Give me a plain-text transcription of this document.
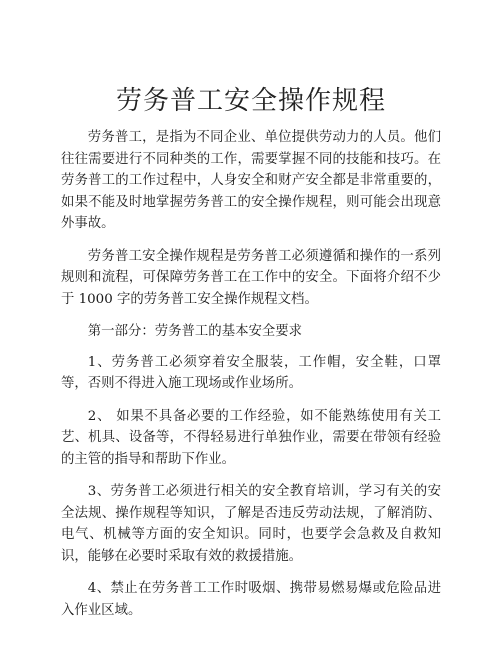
劳务普工安全操作规程

劳务普工，是指为不同企业、单位提供劳动力的人员。他们往往需要进行不同种类的工作，需要掌握不同的技能和技巧。在劳务普工的工作过程中，人身安全和财产安全都是非常重要的，如果不能及时地掌握劳务普工的安全操作规程，则可能会出现意外事故。

劳务普工安全操作规程是劳务普工必须遵循和操作的一系列规则和流程，可保障劳务普工在工作中的安全。下面将介绍不少于 1000 字的劳务普工安全操作规程文档。

第一部分：劳务普工的基本安全要求

1、劳务普工必须穿着安全服装，工作帽，安全鞋，口罩等，否则不得进入施工现场或作业场所。

2、 如果不具备必要的工作经验，如不能熟练使用有关工艺、机具、设备等，不得轻易进行单独作业，需要在带领有经验的主管的指导和帮助下作业。

3、劳务普工必须进行相关的安全教育培训，学习有关的安全法规、操作规程等知识，了解是否违反劳动法规，了解消防、电气、机械等方面的安全知识。同时，也要学会急救及自救知识，能够在必要时采取有效的救援措施。

4、禁止在劳务普工工作时吸烟、携带易燃易爆或危险品进入作业区域。
